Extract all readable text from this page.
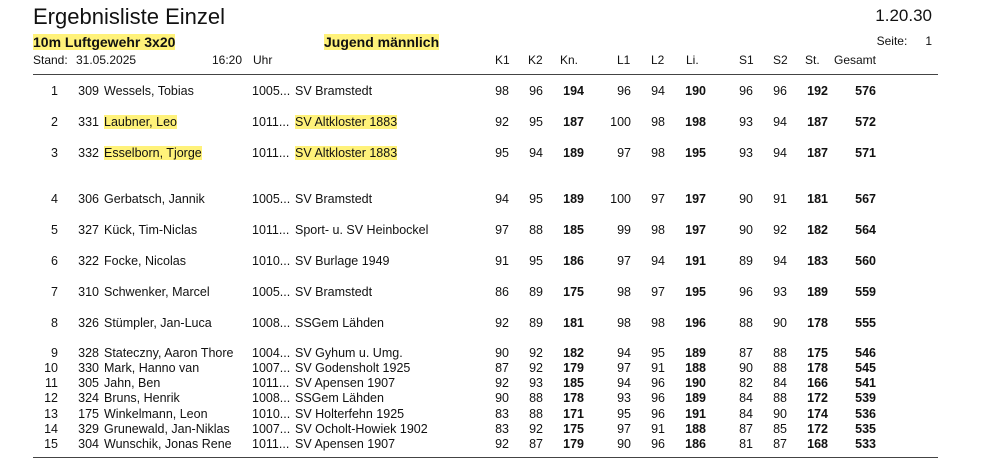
Ergebnisliste Einzel	1.20.30
10m Luftgewehr 3x20	Jugend männlich	Seite: 1
Stand: 31.05.2025	16:20 Uhr	K1 K2 Kn.	L1 L2 Li.	S1 S2 St. Gesamt
1	309 Wessels, Tobias	1005... SV Bramstedt	98	96	194	96	94	190	96	96	192	576
2	331 Laubner, Leo	1011... SV Altkloster 1883	92	95	187	100	98	198	93	94	187	572
3	332 Esselborn, Tjorge	1011... SV Altkloster 1883	95	94	189	97	98	195	93	94	187	571
4	306 Gerbatsch, Jannik	1005... SV Bramstedt	94	95	189	100	97	197	90	91	181	567
5	327 Kück, Tim-Niclas	1011... Sport- u. SV Heinbockel	97	88	185	99	98	197	90	92	182	564
6	322 Focke, Nicolas	1010... SV Burlage 1949	91	95	186	97	94	191	89	94	183	560
7	310 Schwenker, Marcel	1005... SV Bramstedt	86	89	175	98	97	195	96	93	189	559
8	326 Stümpler, Jan-Luca	1008... SSGem Lähden	92	89	181	98	98	196	88	90	178	555
9	328 Stateczny, Aaron Thore 1004... SV Gyhum u. Umg.	90	92	182	94	95	189	87	88	175	546
10	330 Mark, Hanno van	1007... SV Godensholt 1925	87	92	179	97	91	188	90	88	178	545
11	305 Jahn, Ben	1011... SV Apensen 1907	92	93	185	94	96	190	82	84	166	541
12	324 Bruns, Henrik	1008... SSGem Lähden	90	88	178	93	96	189	84	88	172	539
13	175 Winkelmann, Leon	1010... SV Holterfehn 1925	83	88	171	95	96	191	84	90	174	536
14	329 Grunewald, Jan-Niklas 1007... SV Ocholt-Howiek 1902	83	92	175	97	91	188	87	85	172	535
15	304 Wunschik, Jonas Rene 1011... SV Apensen 1907	92	87	179	90	96	186	81	87	168	533
